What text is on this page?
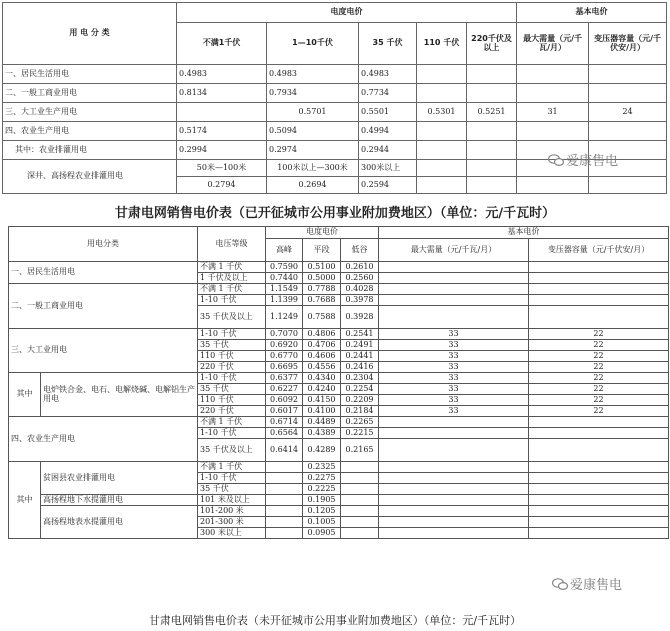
用 电 分 类	电度电价					基本电价	
	不满1千伏	1—10千伏	35 千伏	110 千伏	220千伏及以上	最大需量（元/千瓦/月）	变压器容量（元/千伏安/月）
一、居民生活用电	0.4983	0.4983	0.4983				
二、一般工商业用电	0.8134	0.7934	0.7734				
三、大工业生产用电		0.5701	0.5501	0.5301	0.5251	31	24
四、农业生产用电	0.5174	0.5094	0.4994				
其中：农业排灌用电	0.2994	0.2974	0.2944				
深井、高扬程农业排灌用电	50米—100米	100米以上—300米	300米以上				
	0.2794	0.2694	0.2594				
爱康售电
甘肃电网销售电价表（已开征城市公用事业附加费地区）（单位：元/千瓦时）
用电分类		电压等级	电度电价			基本电价	
			高峰	平段	低谷	最大需量（元/千瓦/月）	变压器容量（元/千伏安/月）
一、居民生活用电		不满 1 千伏	0.7590	0.5100	0.2610		
		1 千伏及以上	0.7440	0.5000	0.2560		
二、一般工商业用电		不满 1 千伏	1.1549	0.7788	0.4028		
		1-10 千伏	1.1399	0.7688	0.3978		
		35 千伏及以上	1.1249	0.7588	0.3928		
三、大工业用电		1-10 千伏	0.7070	0.4806	0.2541	33	22
		35 千伏	0.6920	0.4706	0.2491	33	22
		110 千伏	0.6770	0.4606	0.2441	33	22
		220 千伏	0.6695	0.4556	0.2416	33	22
其中	电炉铁合金、电石、电解烧碱、电解铝生产用电	1-10 千伏	0.6377	0.4340	0.2304	33	22
		35 千伏	0.6227	0.4240	0.2254	33	22
		110 千伏	0.6092	0.4150	0.2209	33	22
		220 千伏	0.6017	0.4100	0.2184	33	22
四、农业生产用电		不满 1 千伏	0.6714	0.4489	0.2265		
		1-10 千伏	0.6564	0.4389	0.2215		
		35 千伏及以上	0.6414	0.4289	0.2165		
其中	贫困县农业排灌用电	不满 1 千伏		0.2325			
		1-10 千伏		0.2275			
		35 千伏		0.2225			
	高扬程地下水提灌用电	101 米及以上		0.1905			
	高扬程地表水提灌用电	101-200 米		0.1205			
		201-300 米		0.1005			
		300 米以上		0.0905			
爱康售电
甘肃电网销售电价表（未开征城市公用事业附加费地区）（单位：元/千瓦时）
